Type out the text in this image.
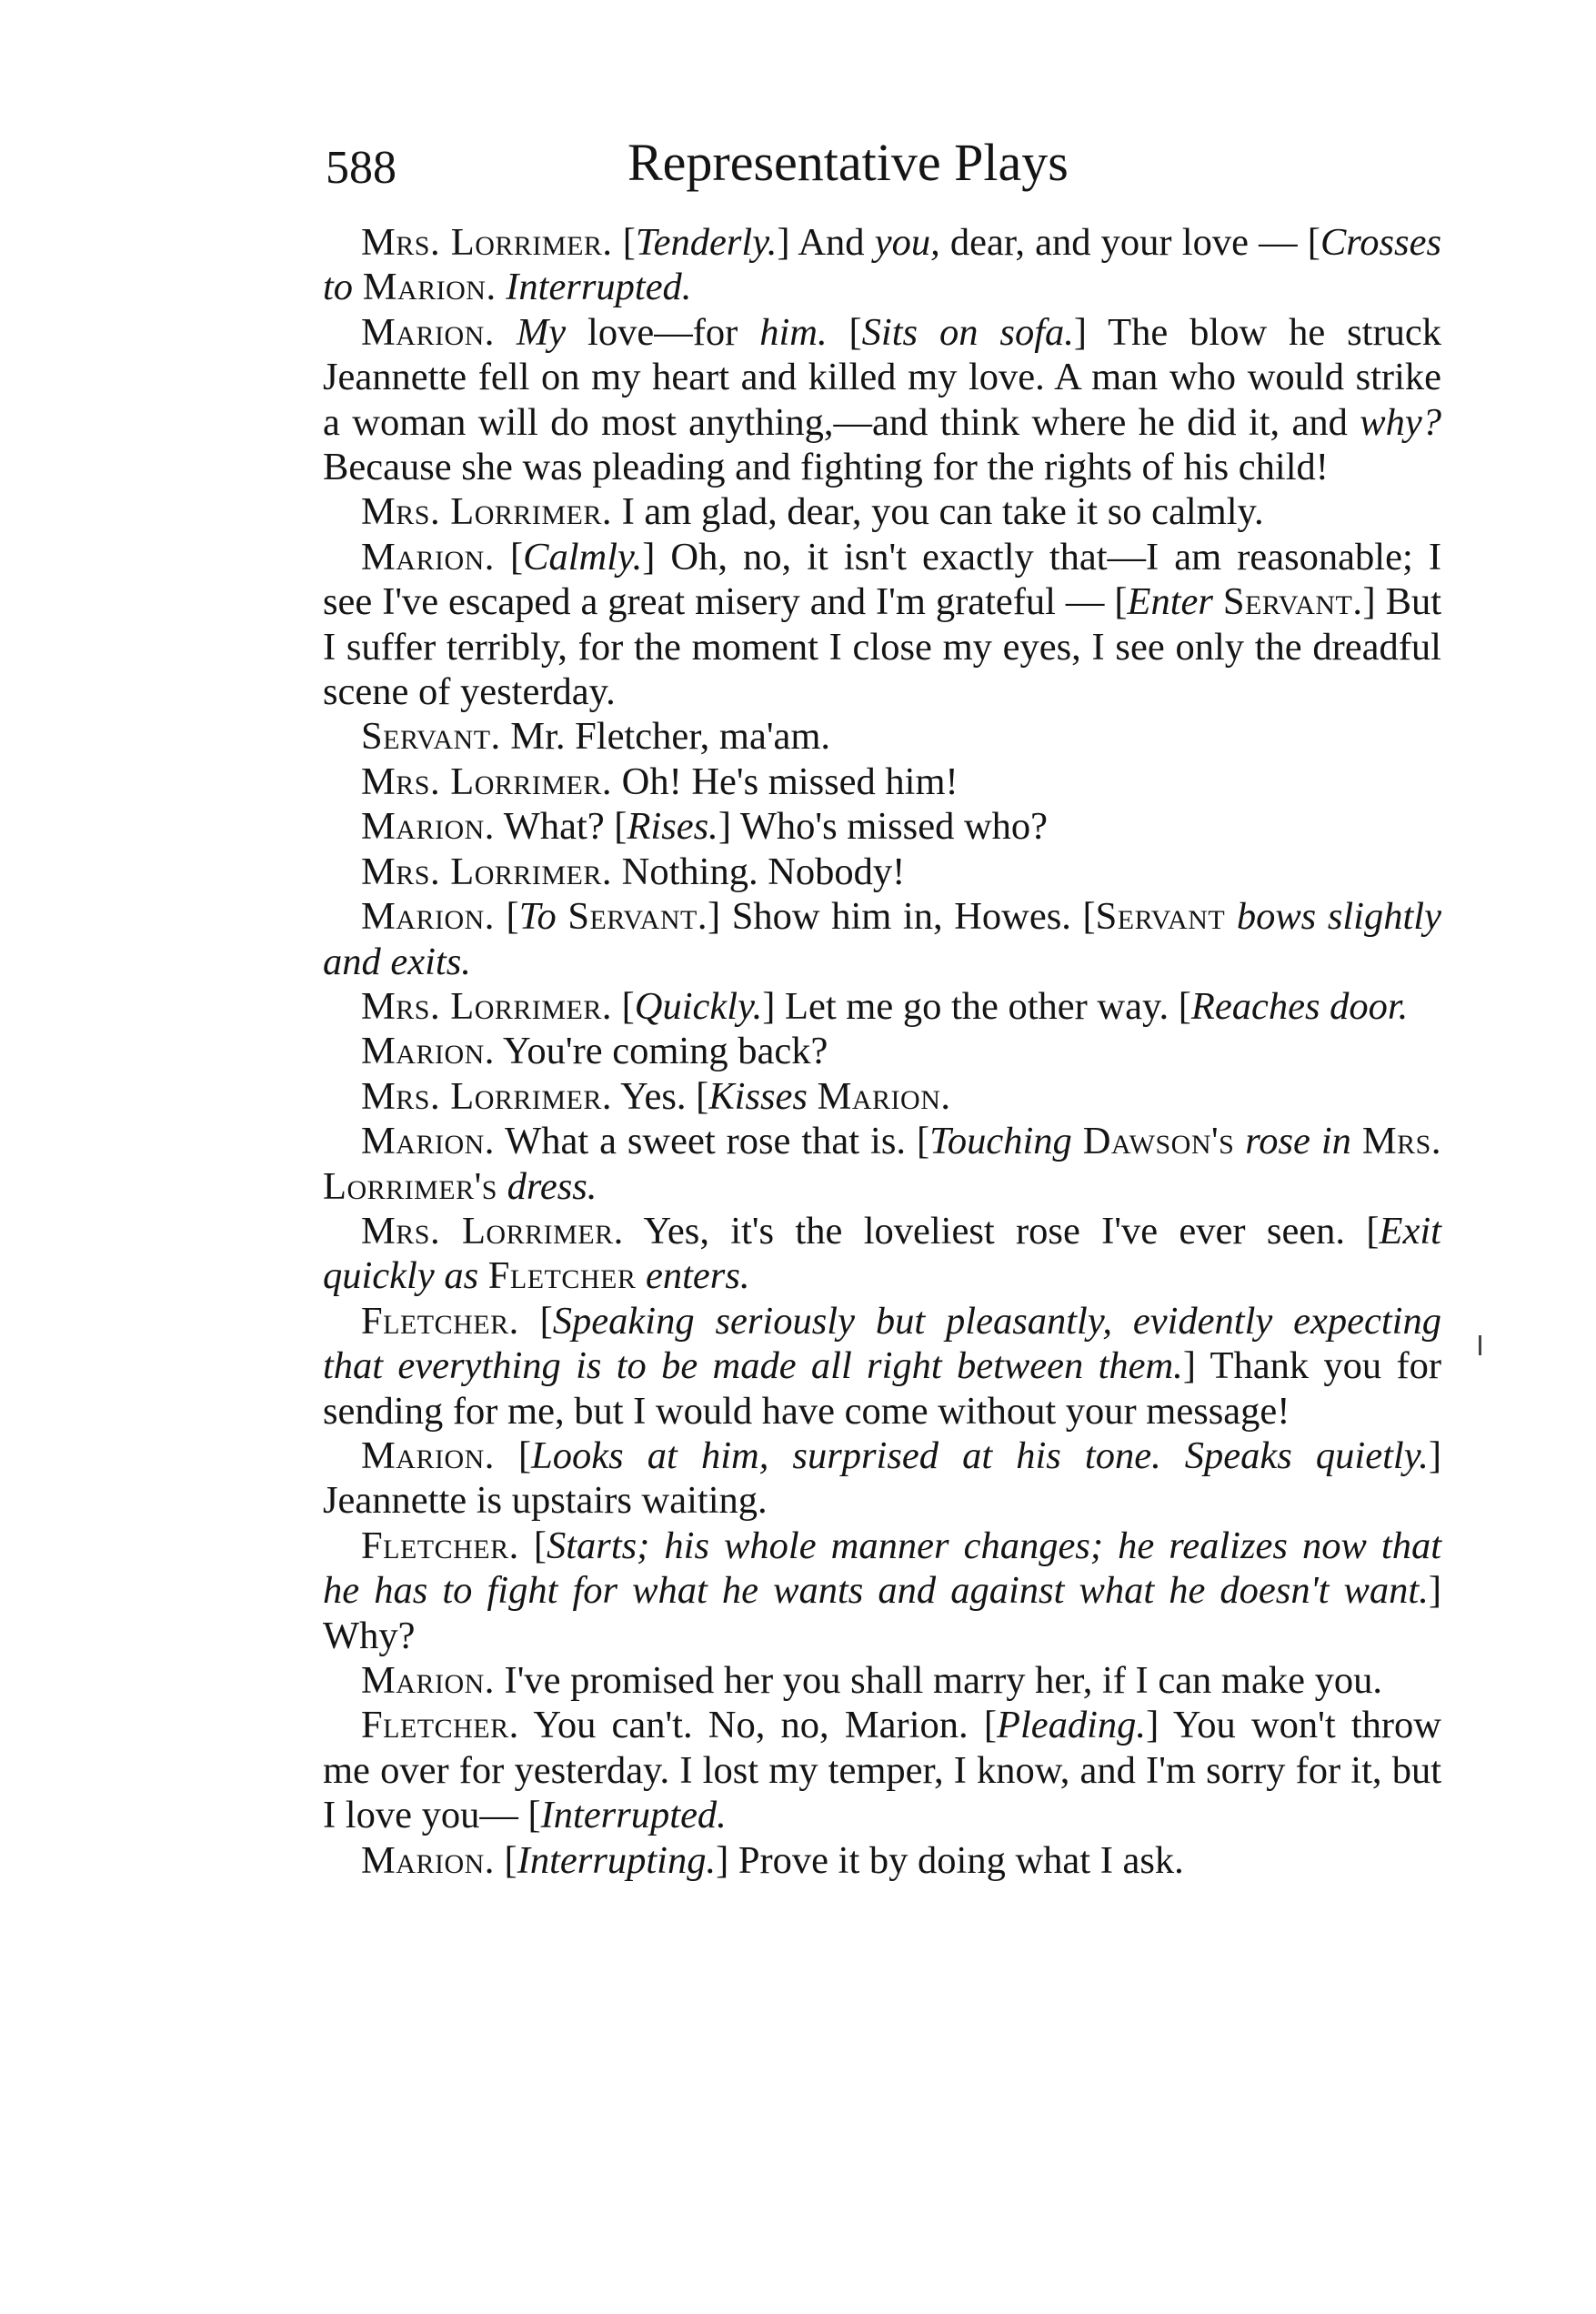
588	Representative Plays

Mrs. Lorrimer. [Tenderly.] And you, dear, and your love — [Crosses to Marion. Interrupted.

Marion. My love—for him. [Sits on sofa.] The blow he struck Jeannette fell on my heart and killed my love. A man who would strike a woman will do most anything,—and think where he did it, and why? Because she was pleading and fighting for the rights of his child!

Mrs. Lorrimer. I am glad, dear, you can take it so calmly.

Marion. [Calmly.] Oh, no, it isn't exactly that—I am reasonable; I see I've escaped a great misery and I'm grateful — [Enter Servant.] But I suffer terribly, for the moment I close my eyes, I see only the dreadful scene of yesterday.

Servant. Mr. Fletcher, ma'am.

Mrs. Lorrimer. Oh! He's missed him!

Marion. What? [Rises.] Who's missed who?

Mrs. Lorrimer. Nothing. Nobody!

Marion. [To Servant.] Show him in, Howes. [Servant bows slightly and exits.

Mrs. Lorrimer. [Quickly.] Let me go the other way. [Reaches door.

Marion. You're coming back?

Mrs. Lorrimer. Yes. [Kisses Marion.

Marion. What a sweet rose that is. [Touching Dawson's rose in Mrs. Lorrimer's dress.

Mrs. Lorrimer. Yes, it's the loveliest rose I've ever seen. [Exit quickly as Fletcher enters.

Fletcher. [Speaking seriously but pleasantly, evidently expecting that everything is to be made all right between them.] Thank you for sending for me, but I would have come without your message!

Marion. [Looks at him, surprised at his tone. Speaks quietly.] Jeannette is upstairs waiting.

Fletcher. [Starts; his whole manner changes; he realizes now that he has to fight for what he wants and against what he doesn't want.] Why?

Marion. I've promised her you shall marry her, if I can make you.

Fletcher. You can't. No, no, Marion. [Pleading.] You won't throw me over for yesterday. I lost my temper, I know, and I'm sorry for it, but I love you— [Interrupted.

Marion. [Interrupting.] Prove it by doing what I ask.
